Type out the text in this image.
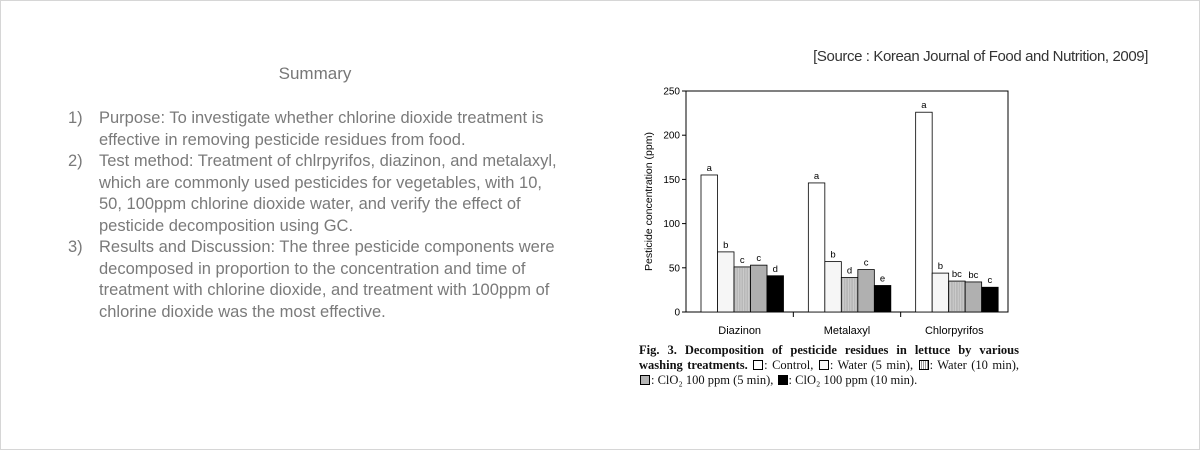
Summary
1) Purpose: To investigate whether chlorine dioxide treatment is effective in removing pesticide residues from food.
2) Test method: Treatment of chlrpyrifos, diazinon, and metalaxyl, which are commonly used pesticides for vegetables, with 10, 50, 100ppm chlorine dioxide water, and verify the effect of pesticide decomposition using GC.
3) Results and Discussion: The three pesticide components were decomposed in proportion to the concentration and time of treatment with chlorine dioxide, and treatment with 100ppm of chlorine dioxide was the most effective.
[Source : Korean Journal of Food and Nutrition, 2009]
0
50
100
150
200
250
Pesticide concentration (ppm)
Diazinon
a
b
c c
d
Metalaxyl
a
b
d
c
e
Chlorpyrifos
a
b
bc bc c
Fig. 3. Decomposition of pesticide residues in lettuce by various washing treatments. : Control, : Water (5 min), : Water (10 min), : ClO₂ 100 ppm (5 min), : ClO₂ 100 ppm (10 min).
